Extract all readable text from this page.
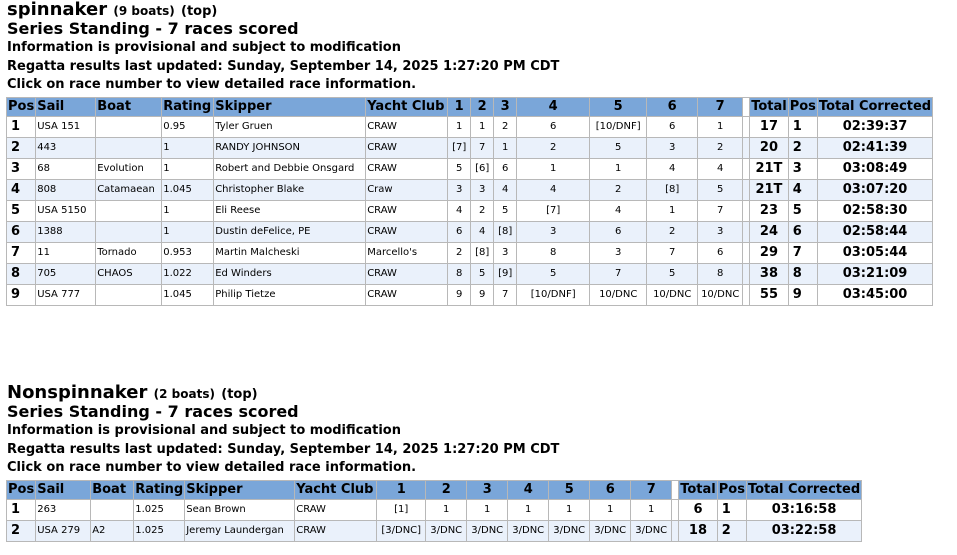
spinnaker (9 boats) (top)
Series Standing - 7 races scored
Information is provisional and subject to modification
Regatta results last updated: Sunday, September 14, 2025 1:27:20 PM CDT
Click on race number to view detailed race information.
Pos	Sail	Boat	Rating	Skipper	Yacht Club	1	2	3	4	5	6	7		Total	Pos	Total Corrected
1	USA 151		0.95	Tyler Gruen	CRAW	1	1	2	6	[10/DNF]	6	1		17	1	02:39:37
2	443		1	RANDY JOHNSON	CRAW	[7]	7	1	2	5	3	2		20	2	02:41:39
3	68	Evolution	1	Robert and Debbie Onsgard	CRAW	5	[6]	6	1	1	4	4		21T	3	03:08:49
4	808	Catamaean	1.045	Christopher Blake	Craw	3	3	4	4	2	[8]	5		21T	4	03:07:20
5	USA 5150		1	Eli Reese	CRAW	4	2	5	[7]	4	1	7		23	5	02:58:30
6	1388		1	Dustin deFelice, PE	CRAW	6	4	[8]	3	6	2	3		24	6	02:58:44
7	11	Tornado	0.953	Martin Malcheski	Marcello's	2	[8]	3	8	3	7	6		29	7	03:05:44
8	705	CHAOS	1.022	Ed Winders	CRAW	8	5	[9]	5	7	5	8		38	8	03:21:09
9	USA 777		1.045	Philip Tietze	CRAW	9	9	7	[10/DNF]	10/DNC	10/DNC	10/DNC		55	9	03:45:00
Nonspinnaker (2 boats) (top)
Series Standing - 7 races scored
Information is provisional and subject to modification
Regatta results last updated: Sunday, September 14, 2025 1:27:20 PM CDT
Click on race number to view detailed race information.
Pos	Sail	Boat	Rating	Skipper	Yacht Club	1	2	3	4	5	6	7		Total	Pos	Total Corrected
1	263		1.025	Sean Brown	CRAW	[1]	1	1	1	1	1	1		6	1	03:16:58
2	USA 279	A2	1.025	Jeremy Laundergan	CRAW	[3/DNC]	3/DNC	3/DNC	3/DNC	3/DNC	3/DNC	3/DNC		18	2	03:22:58
